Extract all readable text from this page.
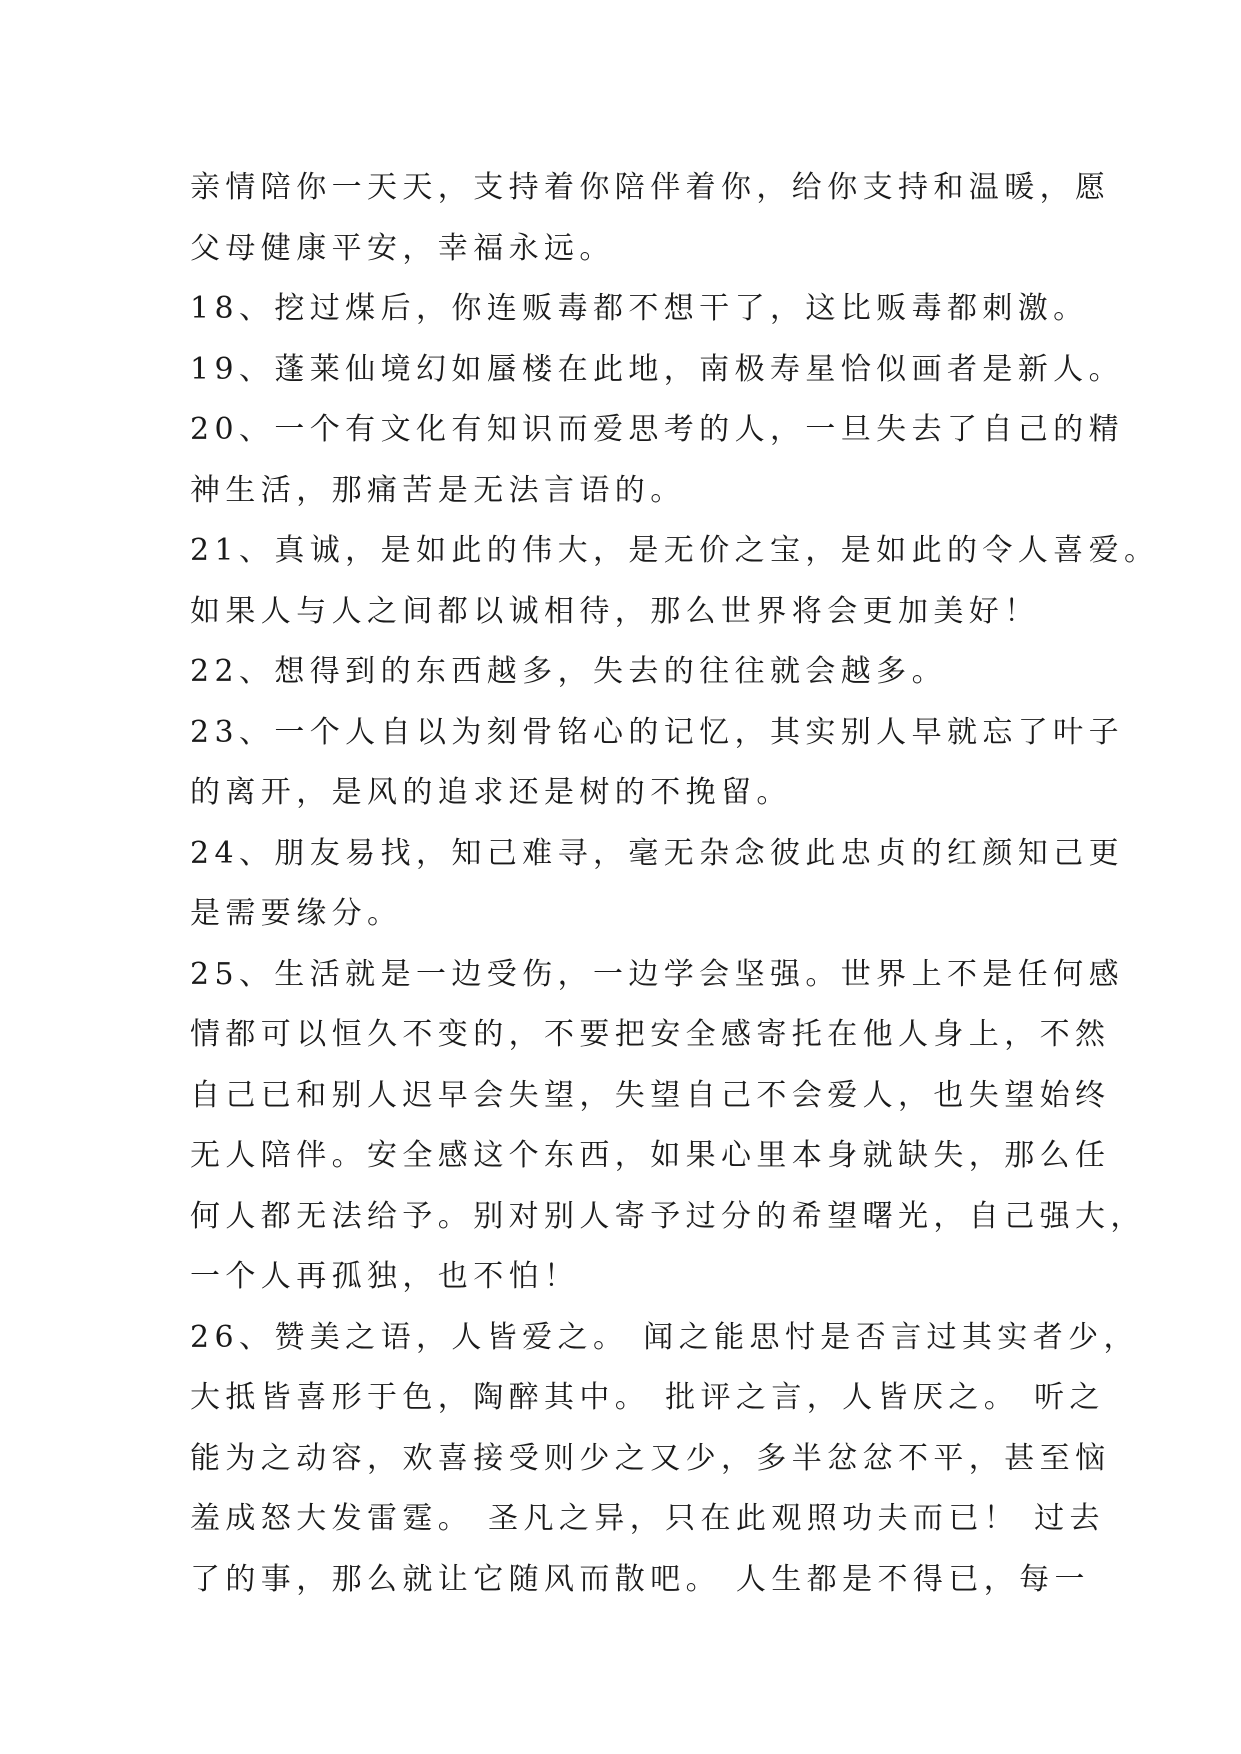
亲情陪你一天天，支持着你陪伴着你，给你支持和温暖，愿
父母健康平安，幸福永远。
18、挖过煤后，你连贩毒都不想干了，这比贩毒都刺激。
19、蓬莱仙境幻如蜃楼在此地，南极寿星恰似画者是新人。
20、一个有文化有知识而爱思考的人，一旦失去了自己的精
神生活，那痛苦是无法言语的。
21、真诚，是如此的伟大，是无价之宝，是如此的令人喜爱。
如果人与人之间都以诚相待，那么世界将会更加美好！
22、想得到的东西越多，失去的往往就会越多。
23、一个人自以为刻骨铭心的记忆，其实别人早就忘了叶子
的离开，是风的追求还是树的不挽留。
24、朋友易找，知己难寻，毫无杂念彼此忠贞的红颜知己更
是需要缘分。
25、生活就是一边受伤，一边学会坚强。世界上不是任何感
情都可以恒久不变的，不要把安全感寄托在他人身上，不然
自己已和别人迟早会失望，失望自己不会爱人，也失望始终
无人陪伴。安全感这个东西，如果心里本身就缺失，那么任
何人都无法给予。别对别人寄予过分的希望曙光，自己强大，
一个人再孤独，也不怕！
26、赞美之语，人皆爱之。 闻之能思忖是否言过其实者少，
大抵皆喜形于色，陶醉其中。 批评之言，人皆厌之。 听之
能为之动容，欢喜接受则少之又少，多半忿忿不平，甚至恼
羞成怒大发雷霆。 圣凡之异，只在此观照功夫而已！ 过去
了的事，那么就让它随风而散吧。 人生都是不得已，每一
